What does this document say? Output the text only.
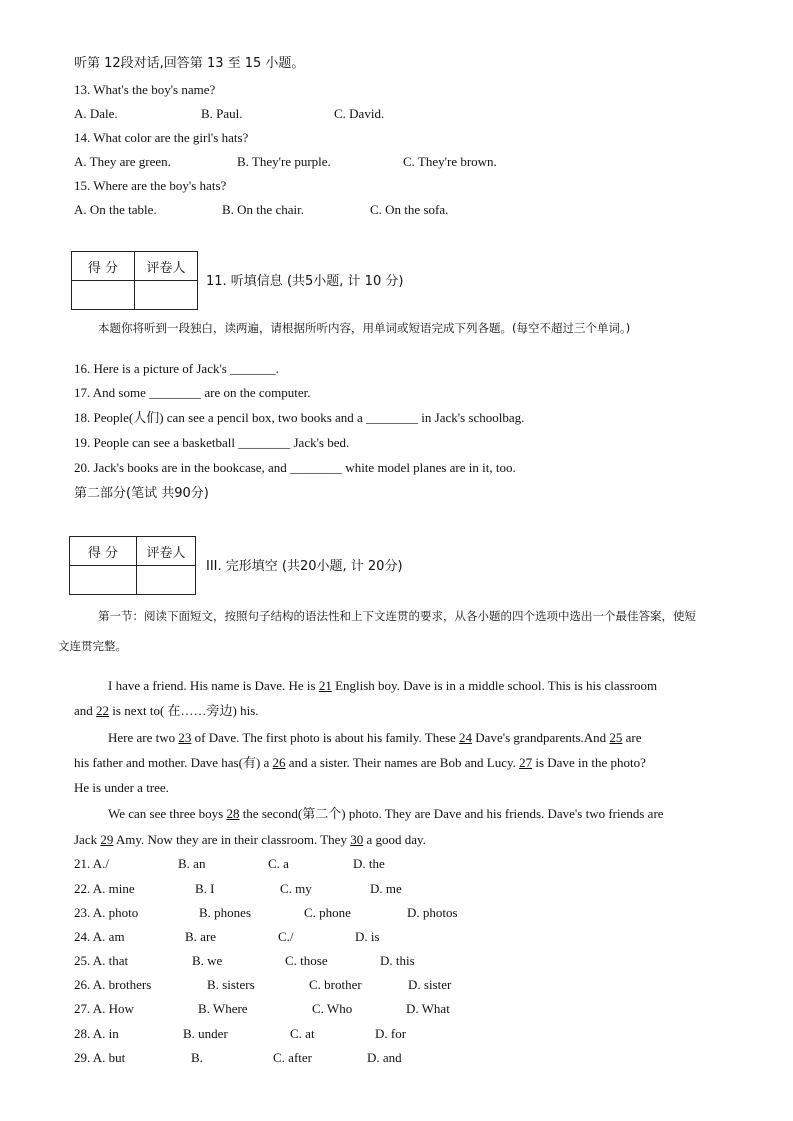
听第 12段对话,回答第 13 至 15 小题。
13. What's the boy's name?
A. Dale.	B. Paul.	C. David.
14. What color are the girl's hats?
A. They are green.	B. They're purple.	C. They're brown.
15. Where are the boy's hats?
A. On the table.	B. On the chair.	C. On the sofa.
得 分	评卷人

11. 听填信息 (共5小题, 计 10 分)
本题你将听到一段独白，读两遍，请根据所听内容，用单词或短语完成下列各题。(每空不超过三个单词。)
16. Here is a picture of Jack's _______.
17. And some ________ are on the computer.
18. People(人们) can see a pencil box, two books and a ________ in Jack's schoolbag.
19. People can see a basketball ________ Jack's bed.
20. Jack's books are in the bookcase, and ________ white model planes are in it, too.
第二部分(笔试 共90分)
得 分	评卷人

III. 完形填空 (共20小题, 计 20分)
第一节：阅读下面短文，按照句子结构的语法性和上下文连贯的要求，从各小题的四个选项中选出一个最佳答案，使短
文连贯完整。
I have a friend. His name is Dave. He is 21 English boy. Dave is in a middle school. This is his classroom
and 22 is next to( 在……旁边) his.
Here are two 23 of Dave. The first photo is about his family. These 24 Dave's grandparents.And 25 are
his father and mother. Dave has(有) a 26 and a sister. Their names are Bob and Lucy. 27 is Dave in the photo?
He is under a tree.
We can see three boys 28 the second(第二个) photo. They are Dave and his friends. Dave's two friends are
Jack 29 Amy. Now they are in their classroom. They 30 a good day.
21. A./	B. an	C. a	D. the
22. A. mine	B. I	C. my	D. me
23. A. photo	B. phones	C. phone	D. photos
24. A. am	B. are	C./	D. is
25. A. that	B. we	C. those	D. this
26. A. brothers	B. sisters	C. brother	D. sister
27. A. How	B. Where	C. Who	D. What
28. A. in	B. under	C. at	D. for
29. A. but	B.	C. after	D. and
